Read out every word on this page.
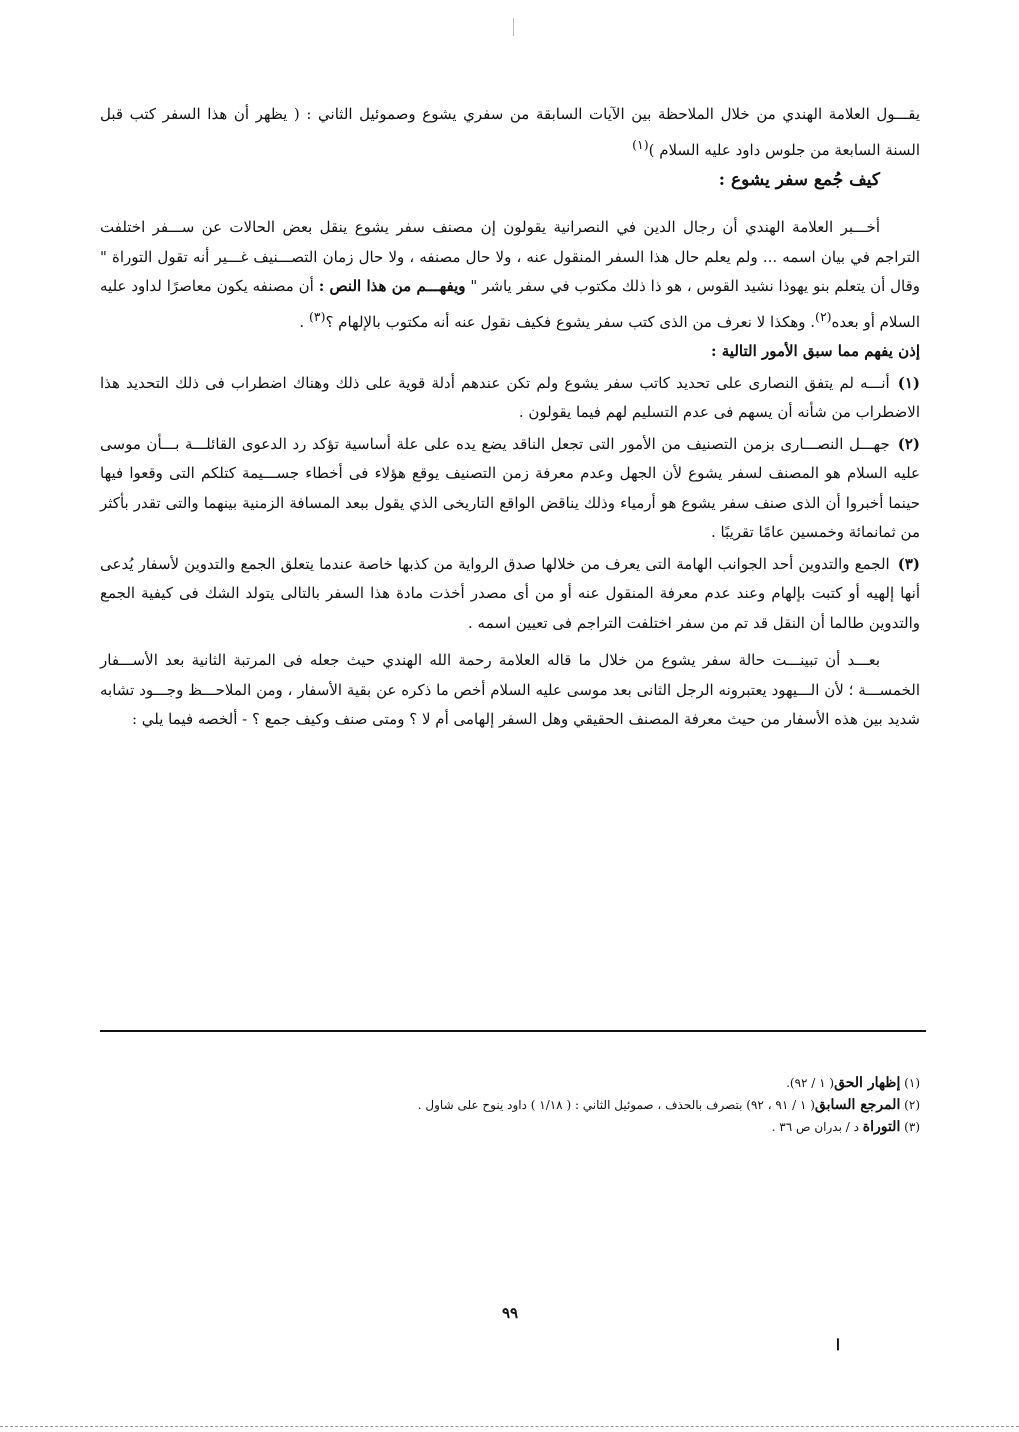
يقـــول العلامة الهندي من خلال الملاحظة بين الآيات السابقة من سفري يشوع وصموئيل الثاني : ( يظهر أن هذا السفر كتب قبل السنة السابعة من جلوس داود عليه السلام )$^{(١)}$

كيف جُمع سفر يشوع :

أخـــبر العلامة الهندي أن رجال الدين في النصرانية يقولون إن مصنف سفر يشوع ينقل بعض الحالات عن ســـفر اختلفت التراجم في بيان اسمه ... ولم يعلم حال هذا السفر المنقول عنه ، ولا حال مصنفه ، ولا حال زمان التصـــنيف غـــير أنه تقول التوراة " وقال أن يتعلم بنو يهوذا نشيد القوس ، هو ذا ذلك مكتوب في سفر ياشر " ويفهـــم من هذا النص : أن مصنفه يكون معاصرًا لداود عليه السلام أو بعده$^{(٢)}$. وهكذا لا نعرف من الذى كتب سفر يشوع فكيف نقول عنه أنه مكتوب بالإلهام ؟$^{(٣)}$ .

إذن يفهم مما سبق الأمور التالية :

(١)أنـــه لم يتفق النصارى على تحديد كاتب سفر يشوع ولم تكن عندهم أدلة قوية على ذلك وهناك اضطراب فى ذلك التحديد هذا الاضطراب من شأنه أن يسهم فى عدم التسليم لهم فيما يقولون .

(٢)جهـــل النصـــارى بزمن التصنيف من الأمور التى تجعل الناقد يضع يده على علة أساسية تؤكد رد الدعوى القائلـــة بـــأن موسى عليه السلام هو المصنف لسفر يشوع لأن الجهل وعدم معرفة زمن التصنيف يوقع هؤلاء فى أخطاء جســـيمة كتلكم التى وقعوا فيها حينما أخبروا أن الذى صنف سفر يشوع هو أرمياء وذلك يناقض الواقع التاريخى الذي يقول ببعد المسافة الزمنية بينهما والتى تقدر بأكثر من ثمانمائة وخمسين عامًا تقريبًا .

(٣)الجمع والتدوين أحد الجوانب الهامة التى يعرف من خلالها صدق الرواية من كذبها خاصة عندما يتعلق الجمع والتدوين لأسفار يُدعى أنها إلهيه أو كتبت بإلهام وعند عدم معرفة المنقول عنه أو من أى مصدر أخذت مادة هذا السفر بالتالى يتولد الشك فى كيفية الجمع والتدوين طالما أن النقل قد تم من سفر اختلفت التراجم فى تعيين اسمه .

بعـــد أن تبينـــت حالة سفر يشوع من خلال ما قاله العلامة رحمة الله الهندي حيث جعله فى المرتبة الثانية بعد الأســـفار الخمســـة ؛ لأن الـــيهود يعتبرونه الرجل الثانى بعد موسى عليه السلام أخص ما ذكره عن بقية الأسفار ، ومن الملاحـــظ وجـــود تشابه شديد بين هذه الأسفار من حيث معرفة المصنف الحقيقي وهل السفر إلهامى أم لا ؟ ومتى صنف وكيف جمع ؟ - ألخصه فيما يلي :

(١) إظهار الحق( ١ / ٩٢).

(٢) المرجع السابق( ١ / ٩١ ، ٩٢) بتصرف بالحذف ، صموئيل الثاني : ( ١/١٨ ) داود ينوح على شاول .

(٣) التوراة د / بدران ص ٣٦ .

٩٩
ا
